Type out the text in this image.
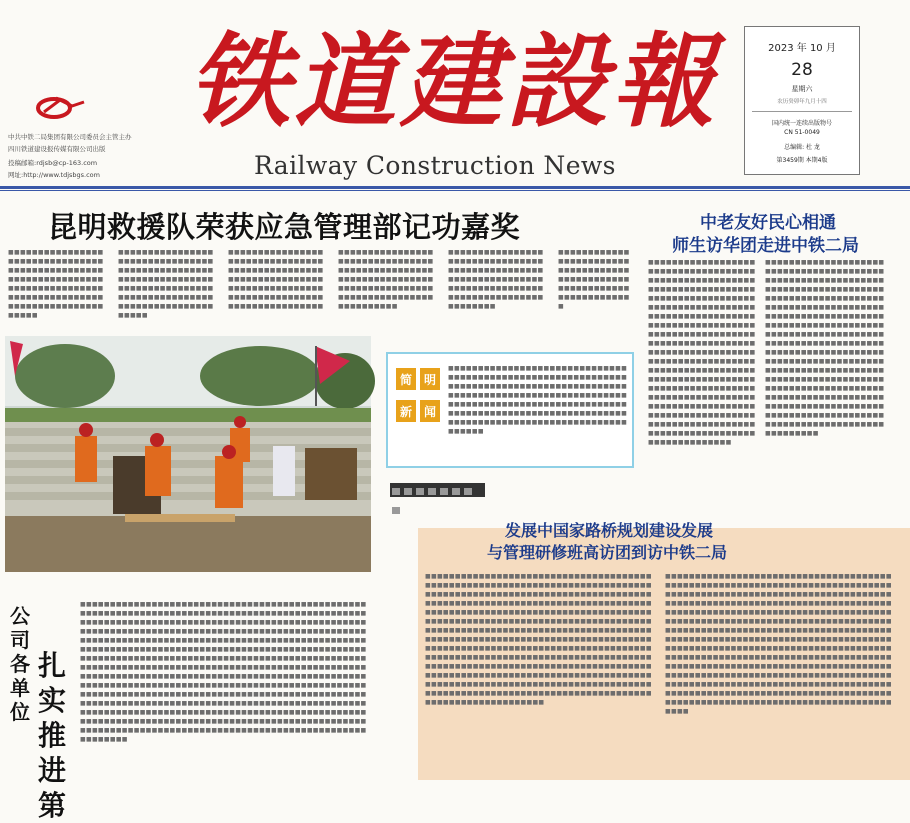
中共中铁二局集团有限公司委员会主管主办
四川铁道建设报传媒有限公司出版
投稿邮箱:rdjsb@cp-163.com
网址:http://www.tdjsbgs.com
铁道建設報
Railway Construction News
2023 年 10 月
28
星期六
农历癸卯年九月十四
国内统一连续出版物号
CN 51-0049
总编辑: 杜 龙
第3459期 本期4版
昆明救援队荣获应急管理部记功嘉奖
■■■■■■■■■■■■■■■■■■■■■■■■■■■■■■■■■■■■■■■■■■■■■■■■■■■■■■■■■■■■■■■■■■■■■■■■■■■■■■■■■■■■■■■■■■■■■■■■■■■■■■■■■■■■■■■■■■■■■
■■■■■■■■■■■■■■■■■■■■■■■■■■■■■■■■■■■■■■■■■■■■■■■■■■■■■■■■■■■■■■■■■■■■■■■■■■■■■■■■■■■■■■■■■■■■■■■■■■■■■■■■■■■■■■■■■■■■■
■■■■■■■■■■■■■■■■■■■■■■■■■■■■■■■■■■■■■■■■■■■■■■■■■■■■■■■■■■■■■■■■■■■■■■■■■■■■■■■■■■■■■■■■■■■■■■■■■■■■■■■■■■■■■■■■
■■■■■■■■■■■■■■■■■■■■■■■■■■■■■■■■■■■■■■■■■■■■■■■■■■■■■■■■■■■■■■■■■■■■■■■■■■■■■■■■■■■■■■■■■■■■■■■■■■■■■■■■■■
■■■■■■■■■■■■■■■■■■■■■■■■■■■■■■■■■■■■■■■■■■■■■■■■■■■■■■■■■■■■■■■■■■■■■■■■■■■■■■■■■■■■■■■■■■■■■■■■■■■■■■■■
■■■■■■■■■■■■■■■■■■■■■■■■■■■■■■■■■■■■■■■■■■■■■■■■■■■■■■■■■■■■■■■■■■■■■■■■■
简 明
新 闻
■■■■■■■■■■■■■■■■■■■■■■■■■■■■■■■■■■■■■■■■■■■■■■■■■■■■■■■■■■■■■■■■■■■■■■■■■■■■■■■■■■■■■■■■■■■■■■■■■■■■■■■■■■■■■■■■■■■■■■■■■■■■■■■■■■■■■■■■■■■■■■■■■■■■■■■■■■■■■■■■■■■■■■■■■■■■■■■■■■■■■■■■■■■■■■■■■■■■■■■■■■■■■■■■■■■■■■■■
中老友好民心相通
师生访华团走进中铁二局
■■■■■■■■■■■■■■■■■■■■■■■■■■■■■■■■■■■■■■■■■■■■■■■■■■■■■■■■■■■■■■■■■■■■■■■■■■■■■■■■■■■■■■■■■■■■■■■■■■■■■■■■■■■■■■■■■■■■■■■■■■■■■■■■■■■■■■■■■■■■■■■■■■■■■■■■■■■■■■■■■■■■■■■■■■■■■■■■■■■■■■■■■■■■■■■■■■■■■■■■■■■■■■■■■■■■■■■■■■■■■■■■■■■■■■■■■■■■■■■■■■■■■■■■■■■■■■■■■■■■■■■■■■■■■■■■■■■■■■■■■■■■■■■■■■■■■■■■■■■■■■■■■■■■■■■■■■■■■■■■■■■■■■■■■■■■■■■■■■■■■■■■■■■■■■■■■■■■■■■■■■■■■■■■■■■■■■
■■■■■■■■■■■■■■■■■■■■■■■■■■■■■■■■■■■■■■■■■■■■■■■■■■■■■■■■■■■■■■■■■■■■■■■■■■■■■■■■■■■■■■■■■■■■■■■■■■■■■■■■■■■■■■■■■■■■■■■■■■■■■■■■■■■■■■■■■■■■■■■■■■■■■■■■■■■■■■■■■■■■■■■■■■■■■■■■■■■■■■■■■■■■■■■■■■■■■■■■■■■■■■■■■■■■■■■■■■■■■■■■■■■■■■■■■■■■■■■■■■■■■■■■■■■■■■■■■■■■■■■■■■■■■■■■■■■■■■■■■■■■■■■■■■■■■■■■■■■■■■■■■■■■■■■■■■■■■■■■■■■■■■■■■■■■■■■■■■■■■■■■■■■■■■■■■■■■■■■■■■■■■■■■■■■■■■■■■■■■■■■■■■■■■
■■■■■■■■■■■■■■■■■■■■■■■■■■■■■■■■■■■■■■■■■■■■■■■■■■■■■■■■■■■■■■■■■■■■■■■■■■■■■■■■■■■■■■■■■■■■■■■■■■■■■■■■■■■■■■■■■■■■■■■■■■■■■■■■■■■■■■■■■■■■■■■■■■■■■■■■■■■■■■■■■■■■■■■■■■■■■■■■■■■■■■■■■■■■■■■■■■■■■■■■■■■■■■■■■■■■■■■■■■■■■■■■■■■■■■■■■■■■■■■■■■■■■■■■■■■■■■■■■■■■■■■■■■■■■■■■■■■■■■■■■■■■■■■■■■■■■■■■■■■■■■■■■■■■■■■■■■■■■■■■■■■■■■■■■■■■■■■■■■■■■■■■■■■■■■■■■■■■■■■■■■■■■■■■■■■■■■■■■■■■■■■■■■■■■■■■■■■■■■■■■■■■■■■■■■■■■■■■■■■■■■■■■■■■■■■■■■■■■■■■■■■■■■■■■■■■■■■■■■■■■■■■■■■■■■■■■■■■■■■■■■■■■■■■■■■■■■■■■■■■■■■■■■■■■■■■■■■■■■■■■■■■■■■■■■■■■■■■■■■■■■■■■■■■■■■■■■■■■■■■■■■■■■■■■■■■■■■■■■■■■■■■■■■■■■■■■■■■■■■■■■■■■■■■■■■■■■■■■■■■■■■■■■■■■■■■■■■■■■■■■■■■■■■■■■■■■■■■■■■■■■■■■■■■■■■■■■■■■■■■■■■■■■■■■■■■■■■■■■■■■■■■■■■■■■■■■■■■■■■■■■■■■■■■
公
司
各
单
位
扎
实
推
进
第
发展中国家路桥规划建设发展
与管理研修班高访团到访中铁二局
■■■■■■■■■■■■■■■■■■■■■■■■■■■■■■■■■■■■■■■■■■■■■■■■■■■■■■■■■■■■■■■■■■■■■■■■■■■■■■■■■■■■■■■■■■■■■■■■■■■■■■■■■■■■■■■■■■■■■■■■■■■■■■■■■■■■■■■■■■■■■■■■■■■■■■■■■■■■■■■■■■■■■■■■■■■■■■■■■■■■■■■■■■■■■■■■■■■■■■■■■■■■■■■■■■■■■■■■■■■■■■■■■■■■■■■■■■■■■■■■■■■■■■■■■■■■■■■■■■■■■■■■■■■■■■■■■■■■■■■■■■■■■■■■■■■■■■■■■■■■■■■■■■■■■■■■■■■■■■■■■■■■■■■■■■■■■■■■■■■■■■■■■■■■■■■■■■■■■■■■■■■■■■■■■■■■■■■■■■■■■■■■■■■■■■■■■■■■■■■■■■■■■■■■■■■■■■■■■■■■■■■■■■■■■■■■■■■■■■■■■■■■■■■■■■■■■■■■■■■■■■■■■■■■■■■■■■■■■■■■■■■■■■■■■■■■■■■■■■■■■■■■■■■■■■■■■■■■■■■■■■■■■■■■■■■■■■■■■■■■■■■■■■■■■■■■
■■■■■■■■■■■■■■■■■■■■■■■■■■■■■■■■■■■■■■■■■■■■■■■■■■■■■■■■■■■■■■■■■■■■■■■■■■■■■■■■■■■■■■■■■■■■■■■■■■■■■■■■■■■■■■■■■■■■■■■■■■■■■■■■■■■■■■■■■■■■■■■■■■■■■■■■■■■■■■■■■■■■■■■■■■■■■■■■■■■■■■■■■■■■■■■■■■■■■■■■■■■■■■■■■■■■■■■■■■■■■■■■■■■■■■■■■■■■■■■■■■■■■■■■■■■■■■■■■■■■■■■■■■■■■■■■■■■■■■■■■■■■■■■■■■■■■■■■■■■■■■■■■■■■■■■■■■■■■■■■■■■■■■■■■■■■■■■■■■■■■■■■■■■■■■■■■■■■■■■■■■■■■■■■■■■■■■■■■■■■■■■■■■■■■■■■■■■■■■■■■■■■■■■■■■■■■■■■■■■■■■■■■■■■■■■■■■■■■■■■■■■■■■■■■■■■■■■■■■■■■■■■■■■■■■■■■■■■■■■■■■■■■■■■■■■■■■■■■■■■■■■■■■■■■■■■■■■■■■■■■■■■■■■■■■■■■■■■■■■■■■■■■■■■■■■■■■■■■■■■■■■■■■■■■■■■■■
